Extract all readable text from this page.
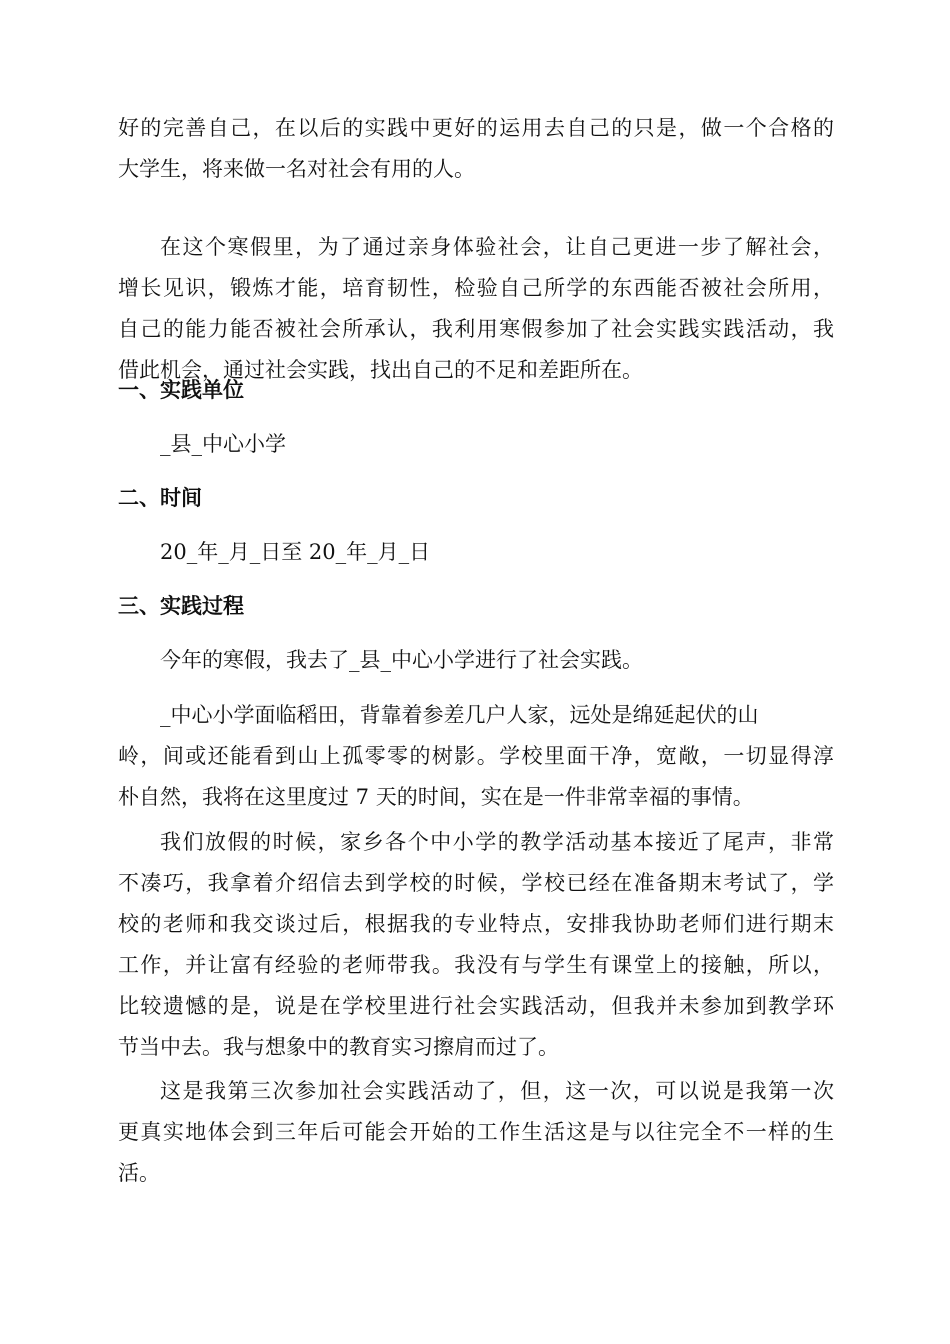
好的完善自己，在以后的实践中更好的运用去自己的只是，做一个合格的
大学生，将来做一名对社会有用的人。
在这个寒假里，为了通过亲身体验社会，让自己更进一步了解社会，
增长见识，锻炼才能，培育韧性，检验自己所学的东西能否被社会所用，
自己的能力能否被社会所承认，我利用寒假参加了社会实践实践活动，我
借此机会，通过社会实践，找出自己的不足和差距所在。
一、实践单位
_县_中心小学
二、时间
20_年_月_日至 20_年_月_日
三、实践过程
今年的寒假，我去了_县_中心小学进行了社会实践。
_中心小学面临稻田，背靠着参差几户人家，远处是绵延起伏的山
岭，间或还能看到山上孤零零的树影。学校里面干净，宽敞，一切显得淳
朴自然，我将在这里度过 7 天的时间，实在是一件非常幸福的事情。
我们放假的时候，家乡各个中小学的教学活动基本接近了尾声，非常
不凑巧，我拿着介绍信去到学校的时候，学校已经在准备期末考试了，学
校的老师和我交谈过后，根据我的专业特点，安排我协助老师们进行期末
工作，并让富有经验的老师带我。我没有与学生有课堂上的接触，所以，
比较遗憾的是，说是在学校里进行社会实践活动，但我并未参加到教学环
节当中去。我与想象中的教育实习擦肩而过了。
这是我第三次参加社会实践活动了，但，这一次，可以说是我第一次
更真实地体会到三年后可能会开始的工作生活这是与以往完全不一样的生
活。
